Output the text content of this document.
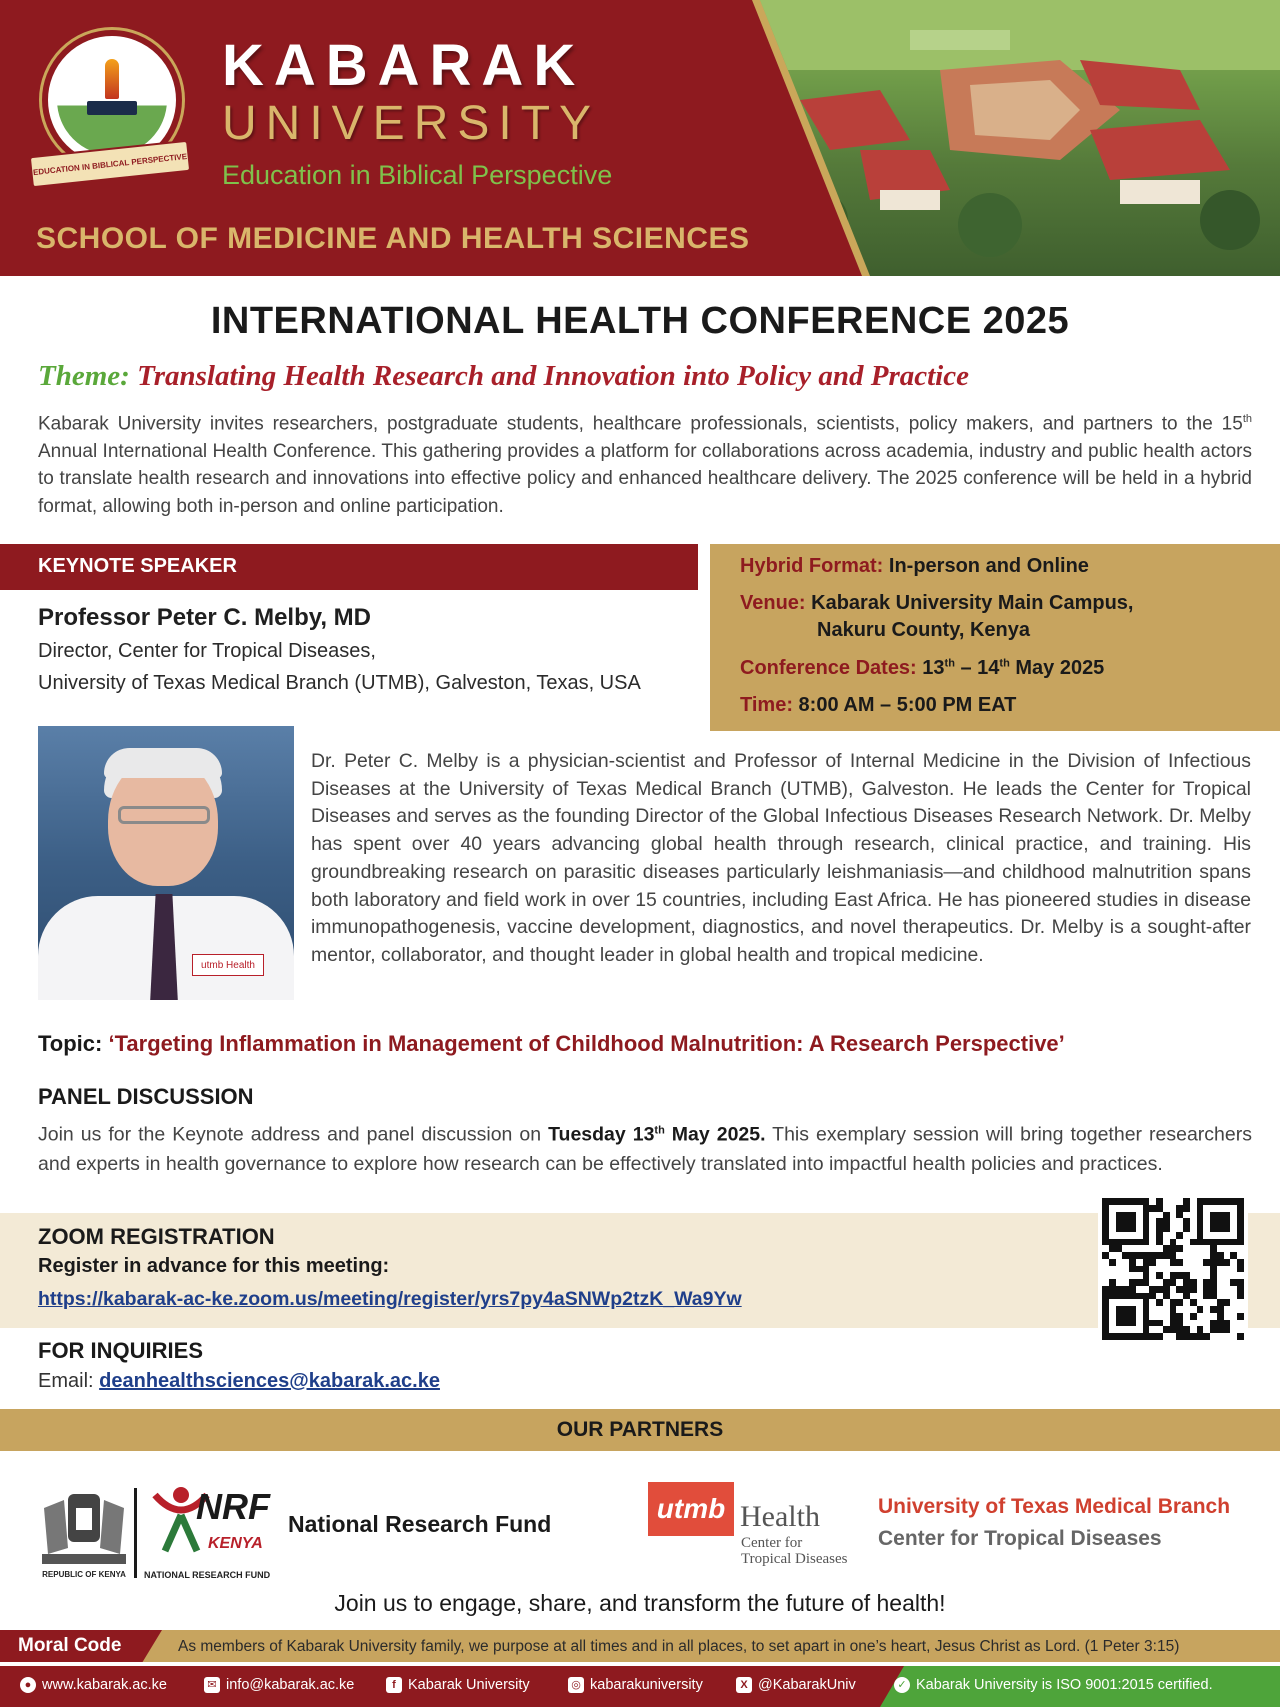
EDUCATION IN BIBLICAL PERSPECTIVE
KABARAK
UNIVERSITY
Education in Biblical Perspective
SCHOOL OF MEDICINE AND HEALTH SCIENCES
INTERNATIONAL HEALTH CONFERENCE 2025
Theme: Translating Health Research and Innovation into Policy and Practice
Kabarak University invites researchers, postgraduate students, healthcare professionals, scientists, policy makers, and partners to the 15th Annual International Health Conference. This gathering provides a platform for collaborations across academia, industry and public health actors to translate health research and innovations into effective policy and enhanced healthcare delivery. The 2025 conference will be held in a hybrid format, allowing both in-person and online participation.
KEYNOTE SPEAKER	Hybrid Format: In-person and Online
Venue: Kabarak University Main Campus,
Nakuru County, Kenya
Conference Dates: 13th – 14th May 2025
Time: 8:00 AM – 5:00 PM EAT
Professor Peter C. Melby, MD
Director, Center for Tropical Diseases,
University of Texas Medical Branch (UTMB), Galveston, Texas, USA
utmb Health
Dr. Peter C. Melby is a physician-scientist and Professor of Internal Medicine in the Division of Infectious Diseases at the University of Texas Medical Branch (UTMB), Galveston. He leads the Center for Tropical Diseases and serves as the founding Director of the Global Infectious Diseases Research Network. Dr. Melby has spent over 40 years advancing global health through research, clinical practice, and training. His groundbreaking research on parasitic diseases particularly leishmaniasis—and childhood malnutrition spans both laboratory and field work in over 15 countries, including East Africa. He has pioneered studies in disease immunopathogenesis, vaccine development, diagnostics, and novel therapeutics. Dr. Melby is a sought-after mentor, collaborator, and thought leader in global health and tropical medicine.
Topic: ‘Targeting Inflammation in Management of Childhood Malnutrition: A Research Perspective’
PANEL DISCUSSION
Join us for the Keynote address and panel discussion on Tuesday 13th May 2025. This exemplary session will bring together researchers and experts in health governance to explore how research can be effectively translated into impactful health policies and practices.
ZOOM REGISTRATION
Register in advance for this meeting:
https://kabarak-ac-ke.zoom.us/meeting/register/yrs7py4aSNWp2tzK_Wa9Yw
FOR INQUIRIES
Email: deanhealthsciences@kabarak.ac.ke
OUR PARTNERS
REPUBLIC OF KENYA
NRF
KENYA
NATIONAL RESEARCH FUND
National Research Fund	utmb Health
Center for
Tropical Diseases
University of Texas Medical Branch
Center for Tropical Diseases
Join us to engage, share, and transform the future of health!
Moral Code	As members of Kabarak University family, we purpose at all times and in all places, to set apart in one’s heart, Jesus Christ as Lord. (1 Peter 3:15)
● www.kabarak.ac.ke	✉ info@kabarak.ac.ke	f Kabarak University	◎ kabarakuniversity	X @KabarakUniv	✓ Kabarak University is ISO 9001:2015 certified.
